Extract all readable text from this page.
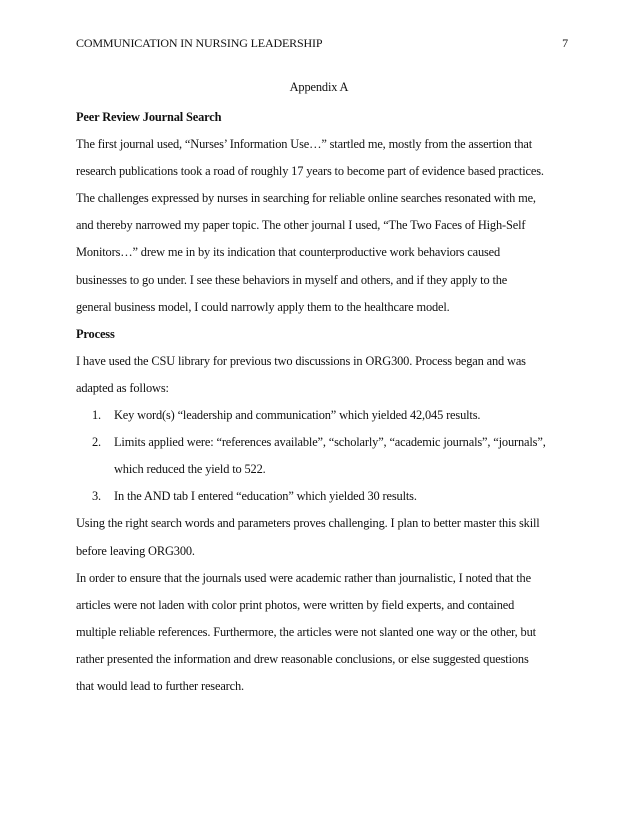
COMMUNICATION IN NURSING LEADERSHIP	7
Appendix A
Peer Review Journal Search
The first journal used, “Nurses’ Information Use…” startled me, mostly from the assertion that
research publications took a road of roughly 17 years to become part of evidence based practices.
The challenges expressed by nurses in searching for reliable online searches resonated with me,
and thereby narrowed my paper topic. The other journal I used, “The Two Faces of High-Self
Monitors…” drew me in by its indication that counterproductive work behaviors caused
businesses to go under. I see these behaviors in myself and others, and if they apply to the
general business model, I could narrowly apply them to the healthcare model.
Process
I have used the CSU library for previous two discussions in ORG300. Process began and was
adapted as follows:
1. Key word(s) “leadership and communication” which yielded 42,045 results.
2. Limits applied were: “references available”, “scholarly”, “academic journals”, “journals”,
which reduced the yield to 522.
3. In the AND tab I entered “education” which yielded 30 results.
Using the right search words and parameters proves challenging. I plan to better master this skill
before leaving ORG300.
In order to ensure that the journals used were academic rather than journalistic, I noted that the
articles were not laden with color print photos, were written by field experts, and contained
multiple reliable references. Furthermore, the articles were not slanted one way or the other, but
rather presented the information and drew reasonable conclusions, or else suggested questions
that would lead to further research.
